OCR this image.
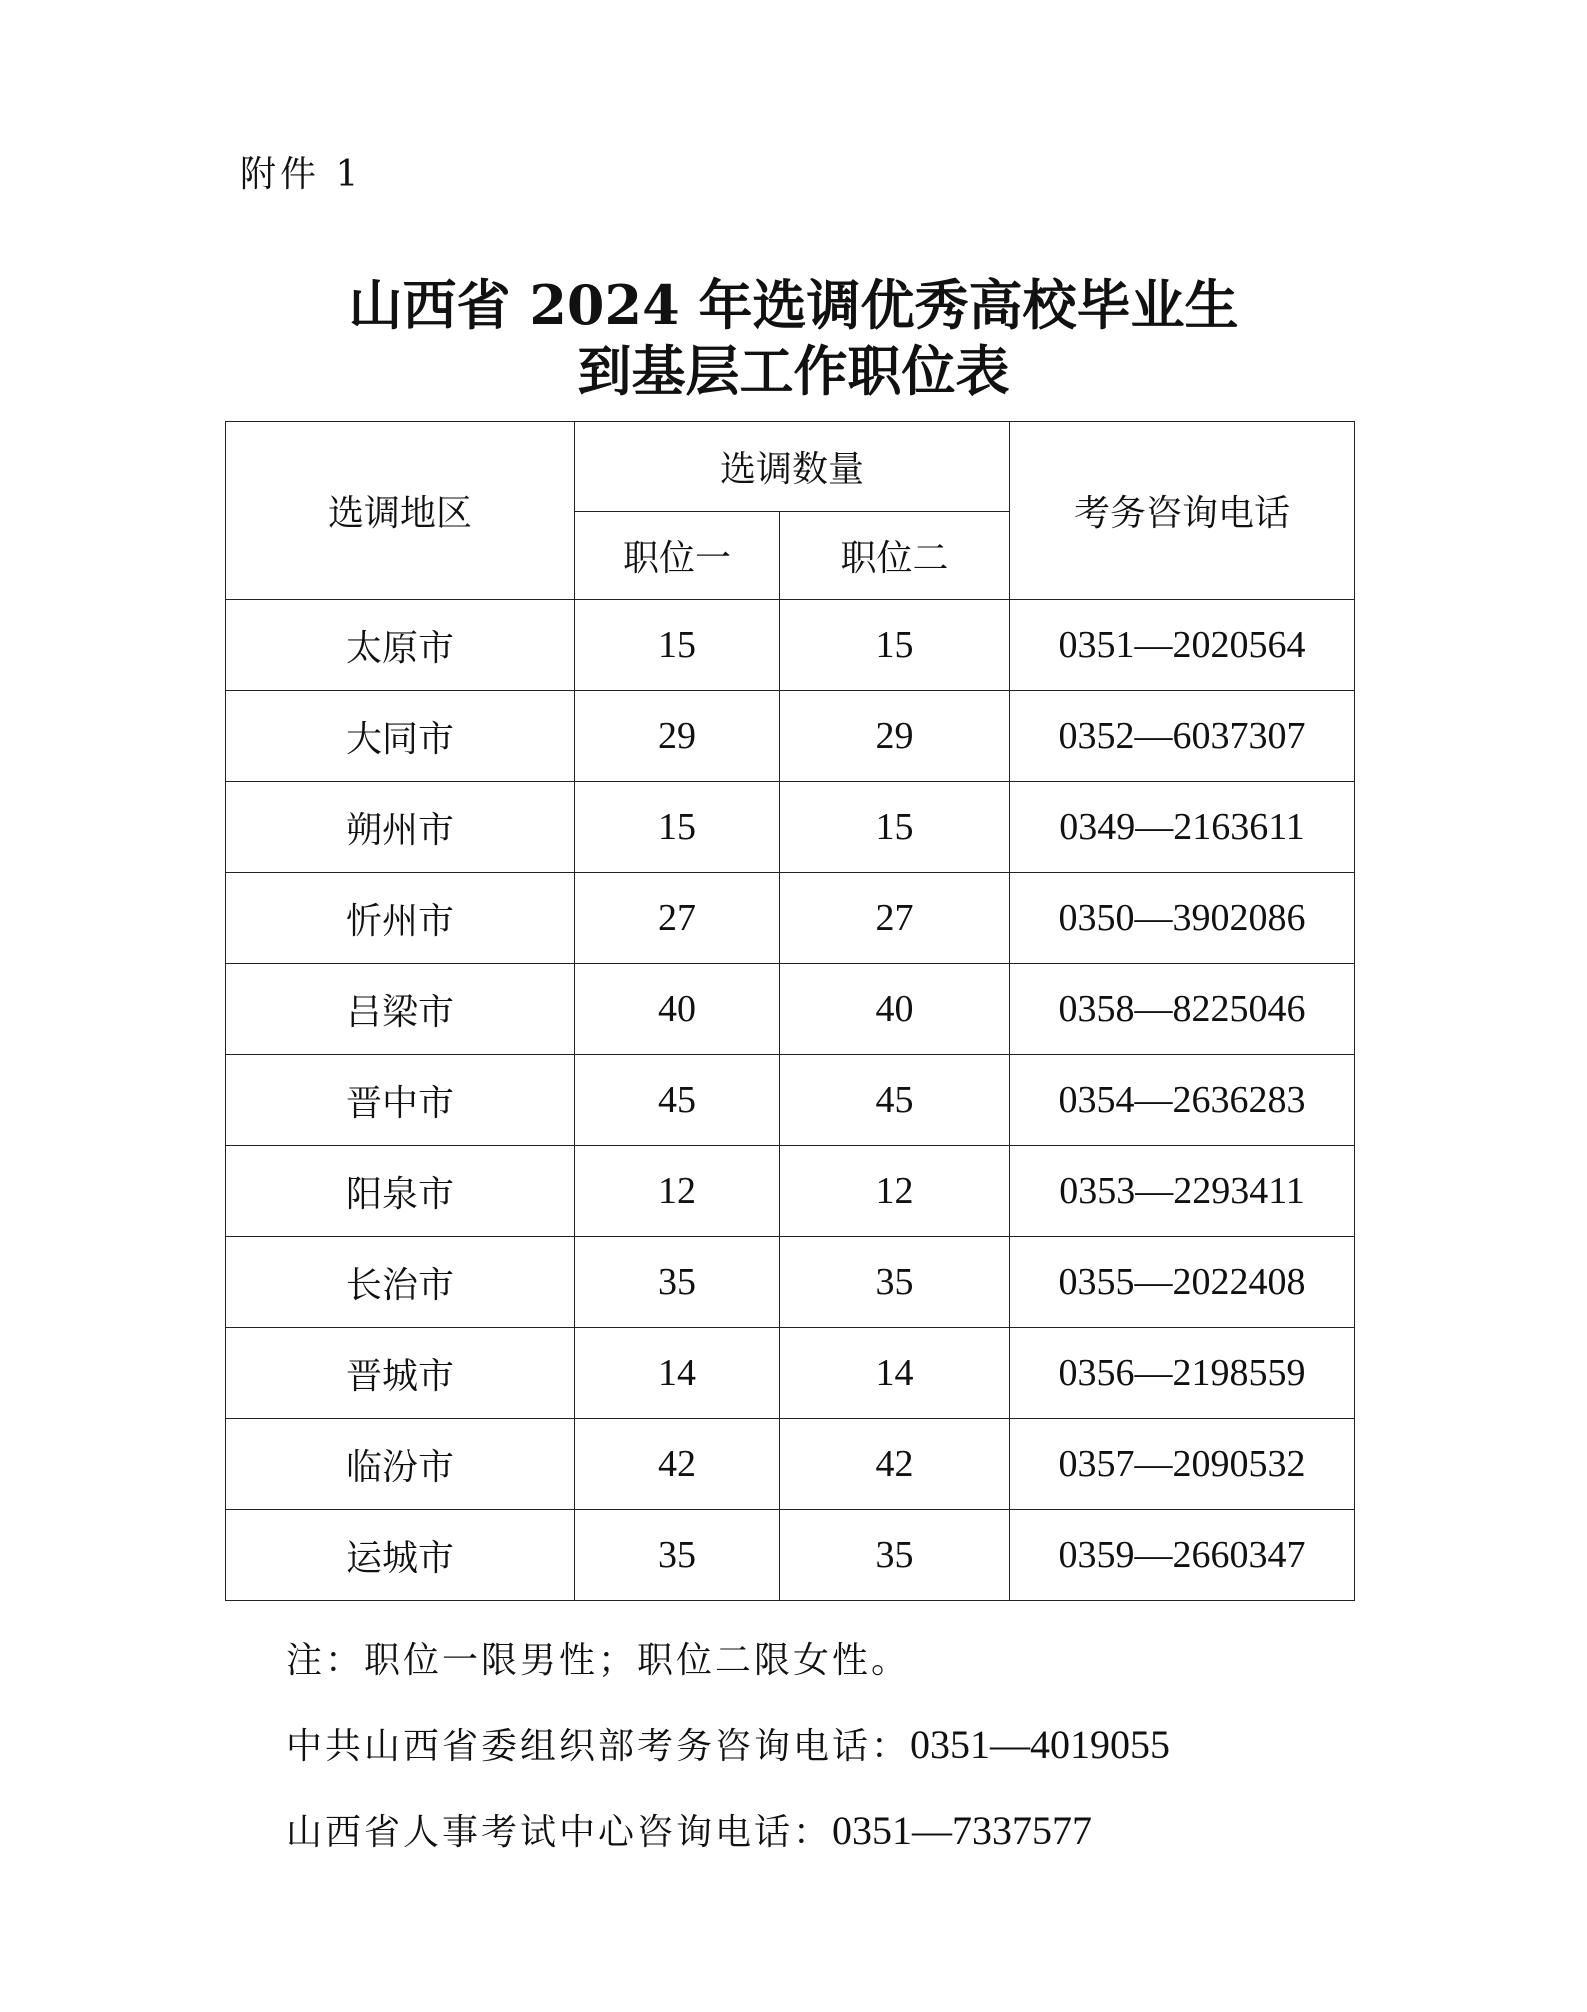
附件 1
山西省 2024 年选调优秀高校毕业生
到基层工作职位表
选调地区	选调数量		考务咨询电话
	职位一	职位二	
太原市	15	15	0351—2020564
大同市	29	29	0352—6037307
朔州市	15	15	0349—2163611
忻州市	27	27	0350—3902086
吕梁市	40	40	0358—8225046
晋中市	45	45	0354—2636283
阳泉市	12	12	0353—2293411
长治市	35	35	0355—2022408
晋城市	14	14	0356—2198559
临汾市	42	42	0357—2090532
运城市	35	35	0359—2660347
注：职位一限男性；职位二限女性。
中共山西省委组织部考务咨询电话：0351—4019055
山西省人事考试中心咨询电话：0351—7337577
